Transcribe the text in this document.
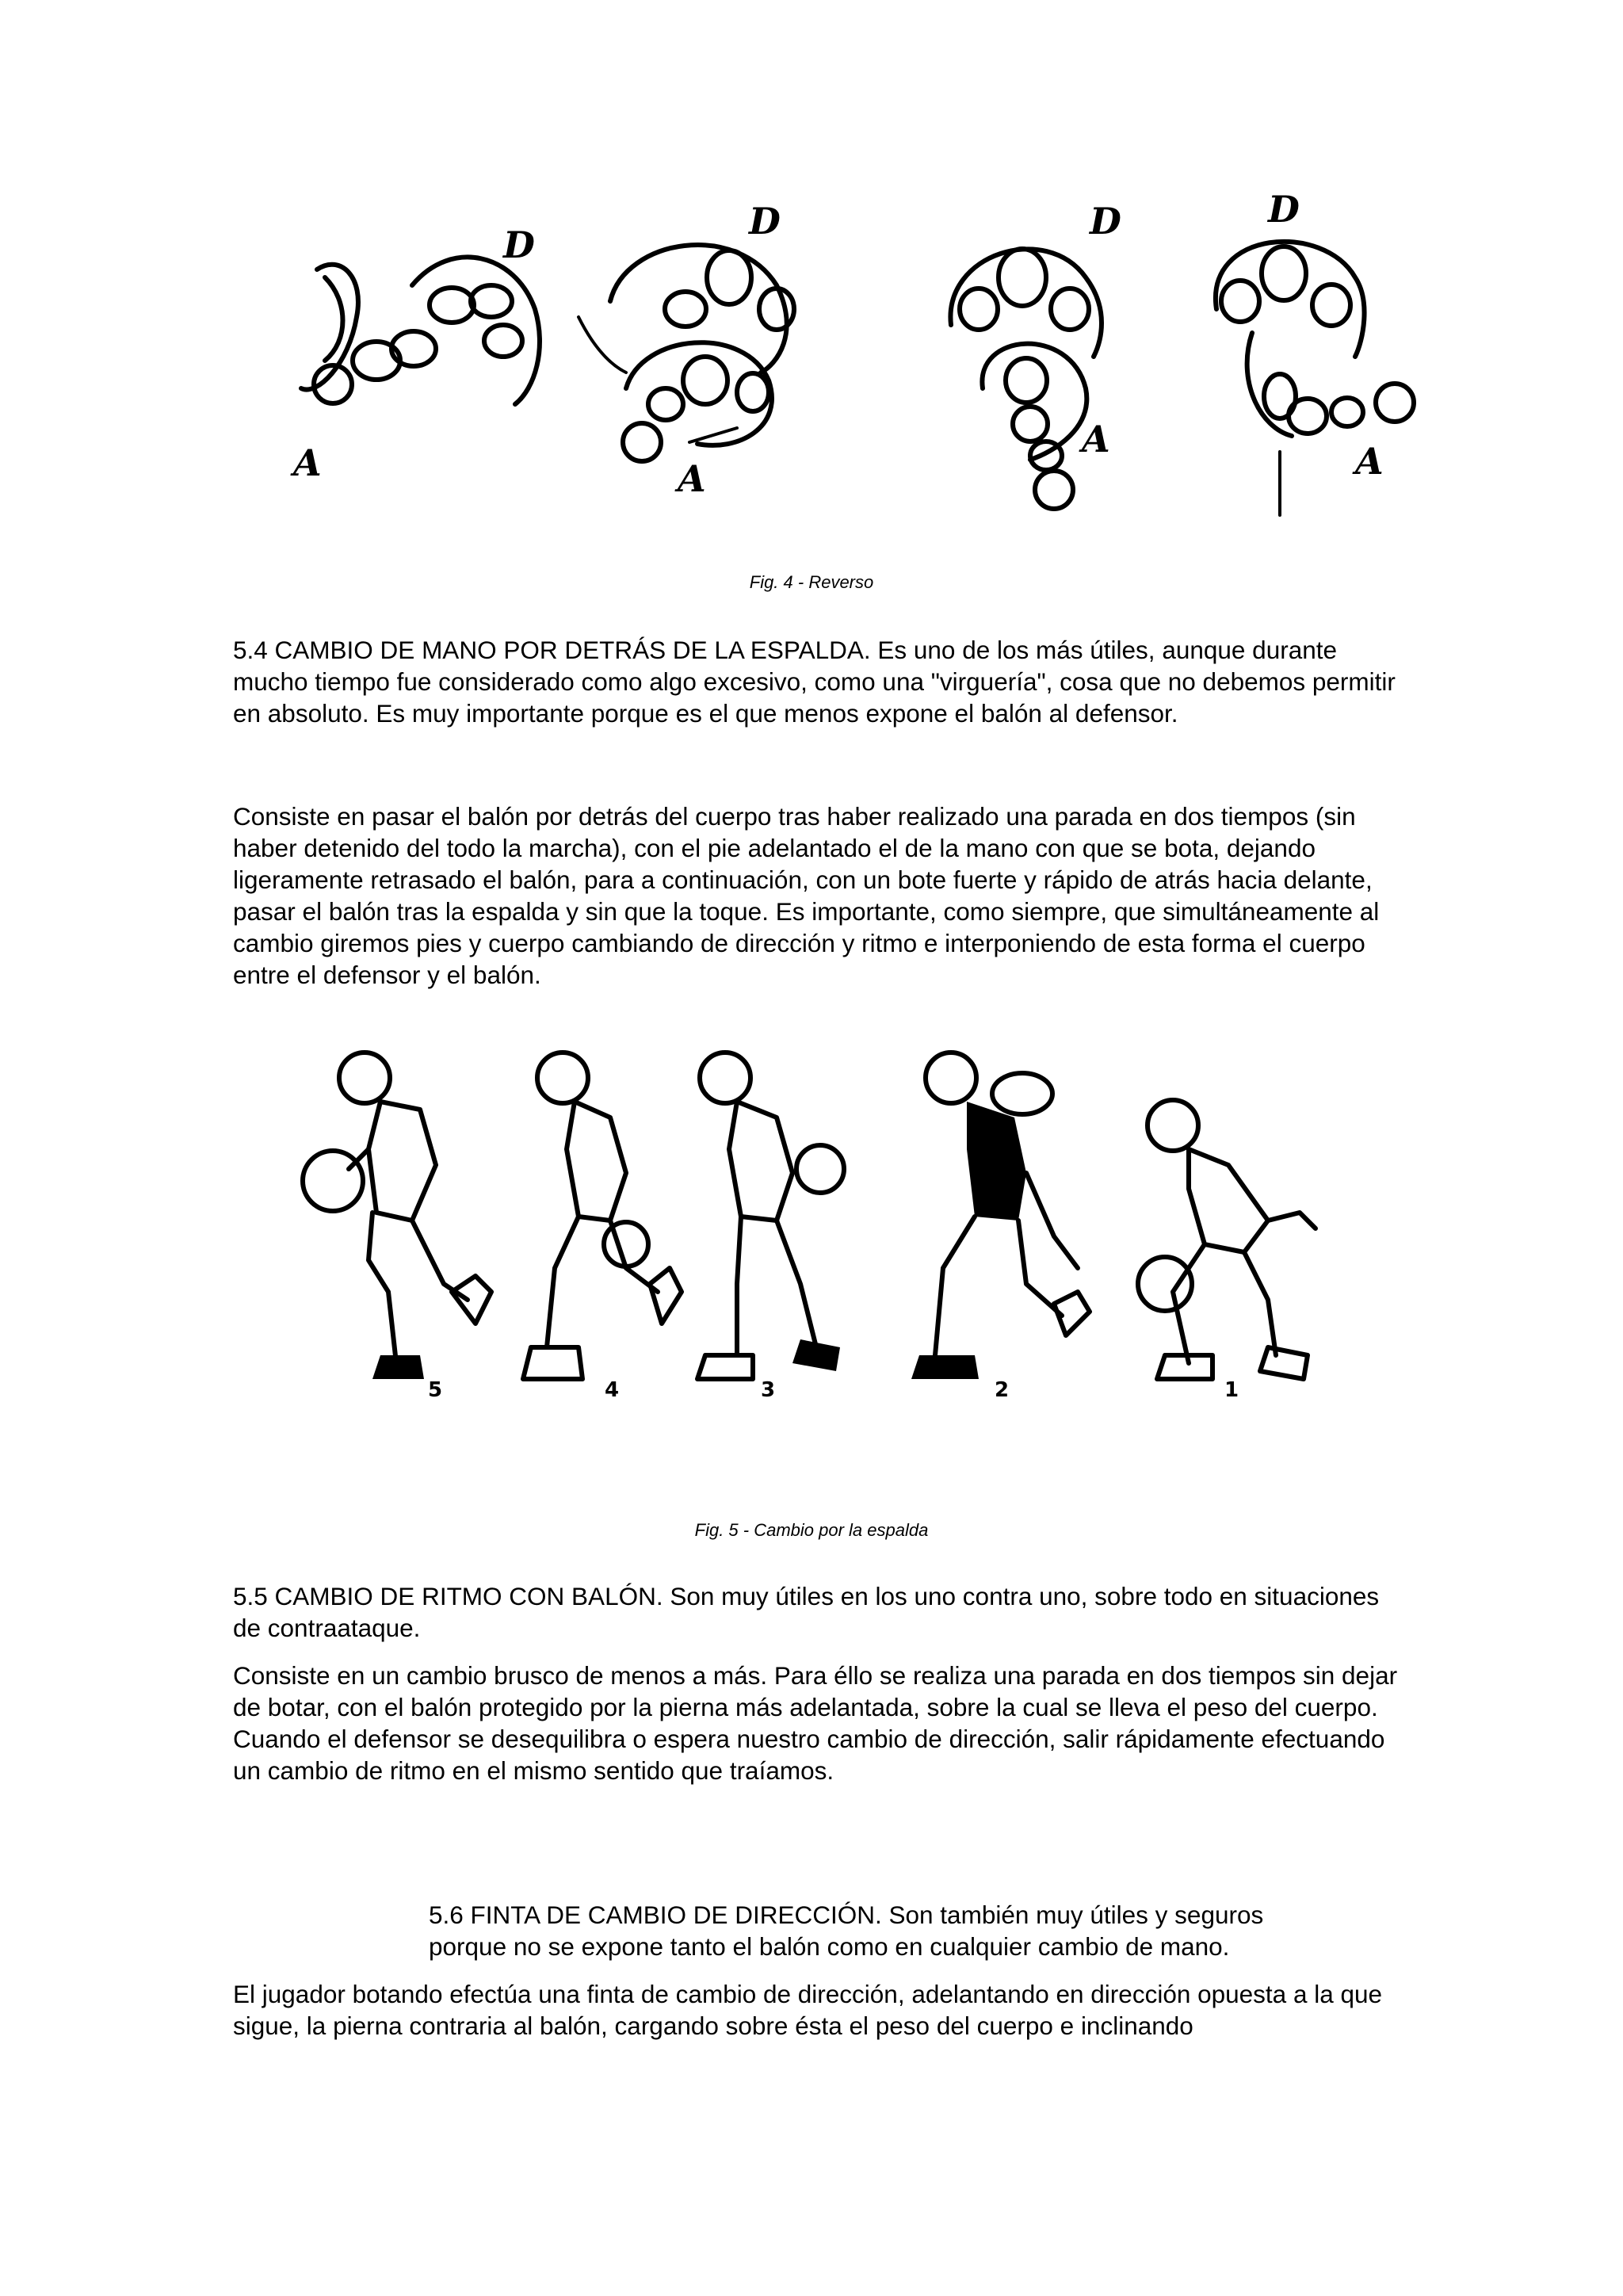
D
A
D
A
D
A
D
A

Fig. 4 - Reverso

5.4 CAMBIO DE MANO POR DETRÁS DE LA ESPALDA. Es uno de los más útiles, aunque durante mucho tiempo fue considerado como algo excesivo, como una "virguería", cosa que no debemos permitir en absoluto. Es muy importante porque es el que menos expone el balón al defensor.

Consiste en pasar el balón por detrás del cuerpo tras haber realizado una parada en dos tiempos (sin haber detenido del todo la marcha), con el pie adelantado el de la mano con que se bota, dejando ligeramente retrasado el balón, para a continuación, con un bote fuerte y rápido de atrás hacia delante, pasar el balón tras la espalda y sin que la toque. Es importante, como siempre, que simultáneamente al cambio giremos pies y cuerpo cambiando de dirección y ritmo e interponiendo de esta forma el cuerpo entre el defensor y el balón.

5	4	3	2	1

Fig. 5 - Cambio por la espalda

5.5 CAMBIO DE RITMO CON BALÓN. Son muy útiles en los uno contra uno, sobre todo en situaciones de contraataque.

Consiste en un cambio brusco de menos a más. Para éllo se realiza una parada en dos tiempos sin dejar de botar, con el balón protegido por la pierna más adelantada, sobre la cual se lleva el peso del cuerpo. Cuando el defensor se desequilibra o espera nuestro cambio de dirección, salir rápidamente efectuando un cambio de ritmo en el mismo sentido que traíamos.

5.6 FINTA DE CAMBIO DE DIRECCIÓN. Son también muy útiles y seguros porque no se expone tanto el balón como en cualquier cambio de mano.

El jugador botando efectúa una finta de cambio de dirección, adelantando en dirección opuesta a la que sigue, la pierna contraria al balón, cargando sobre ésta el peso del cuerpo e inclinando
